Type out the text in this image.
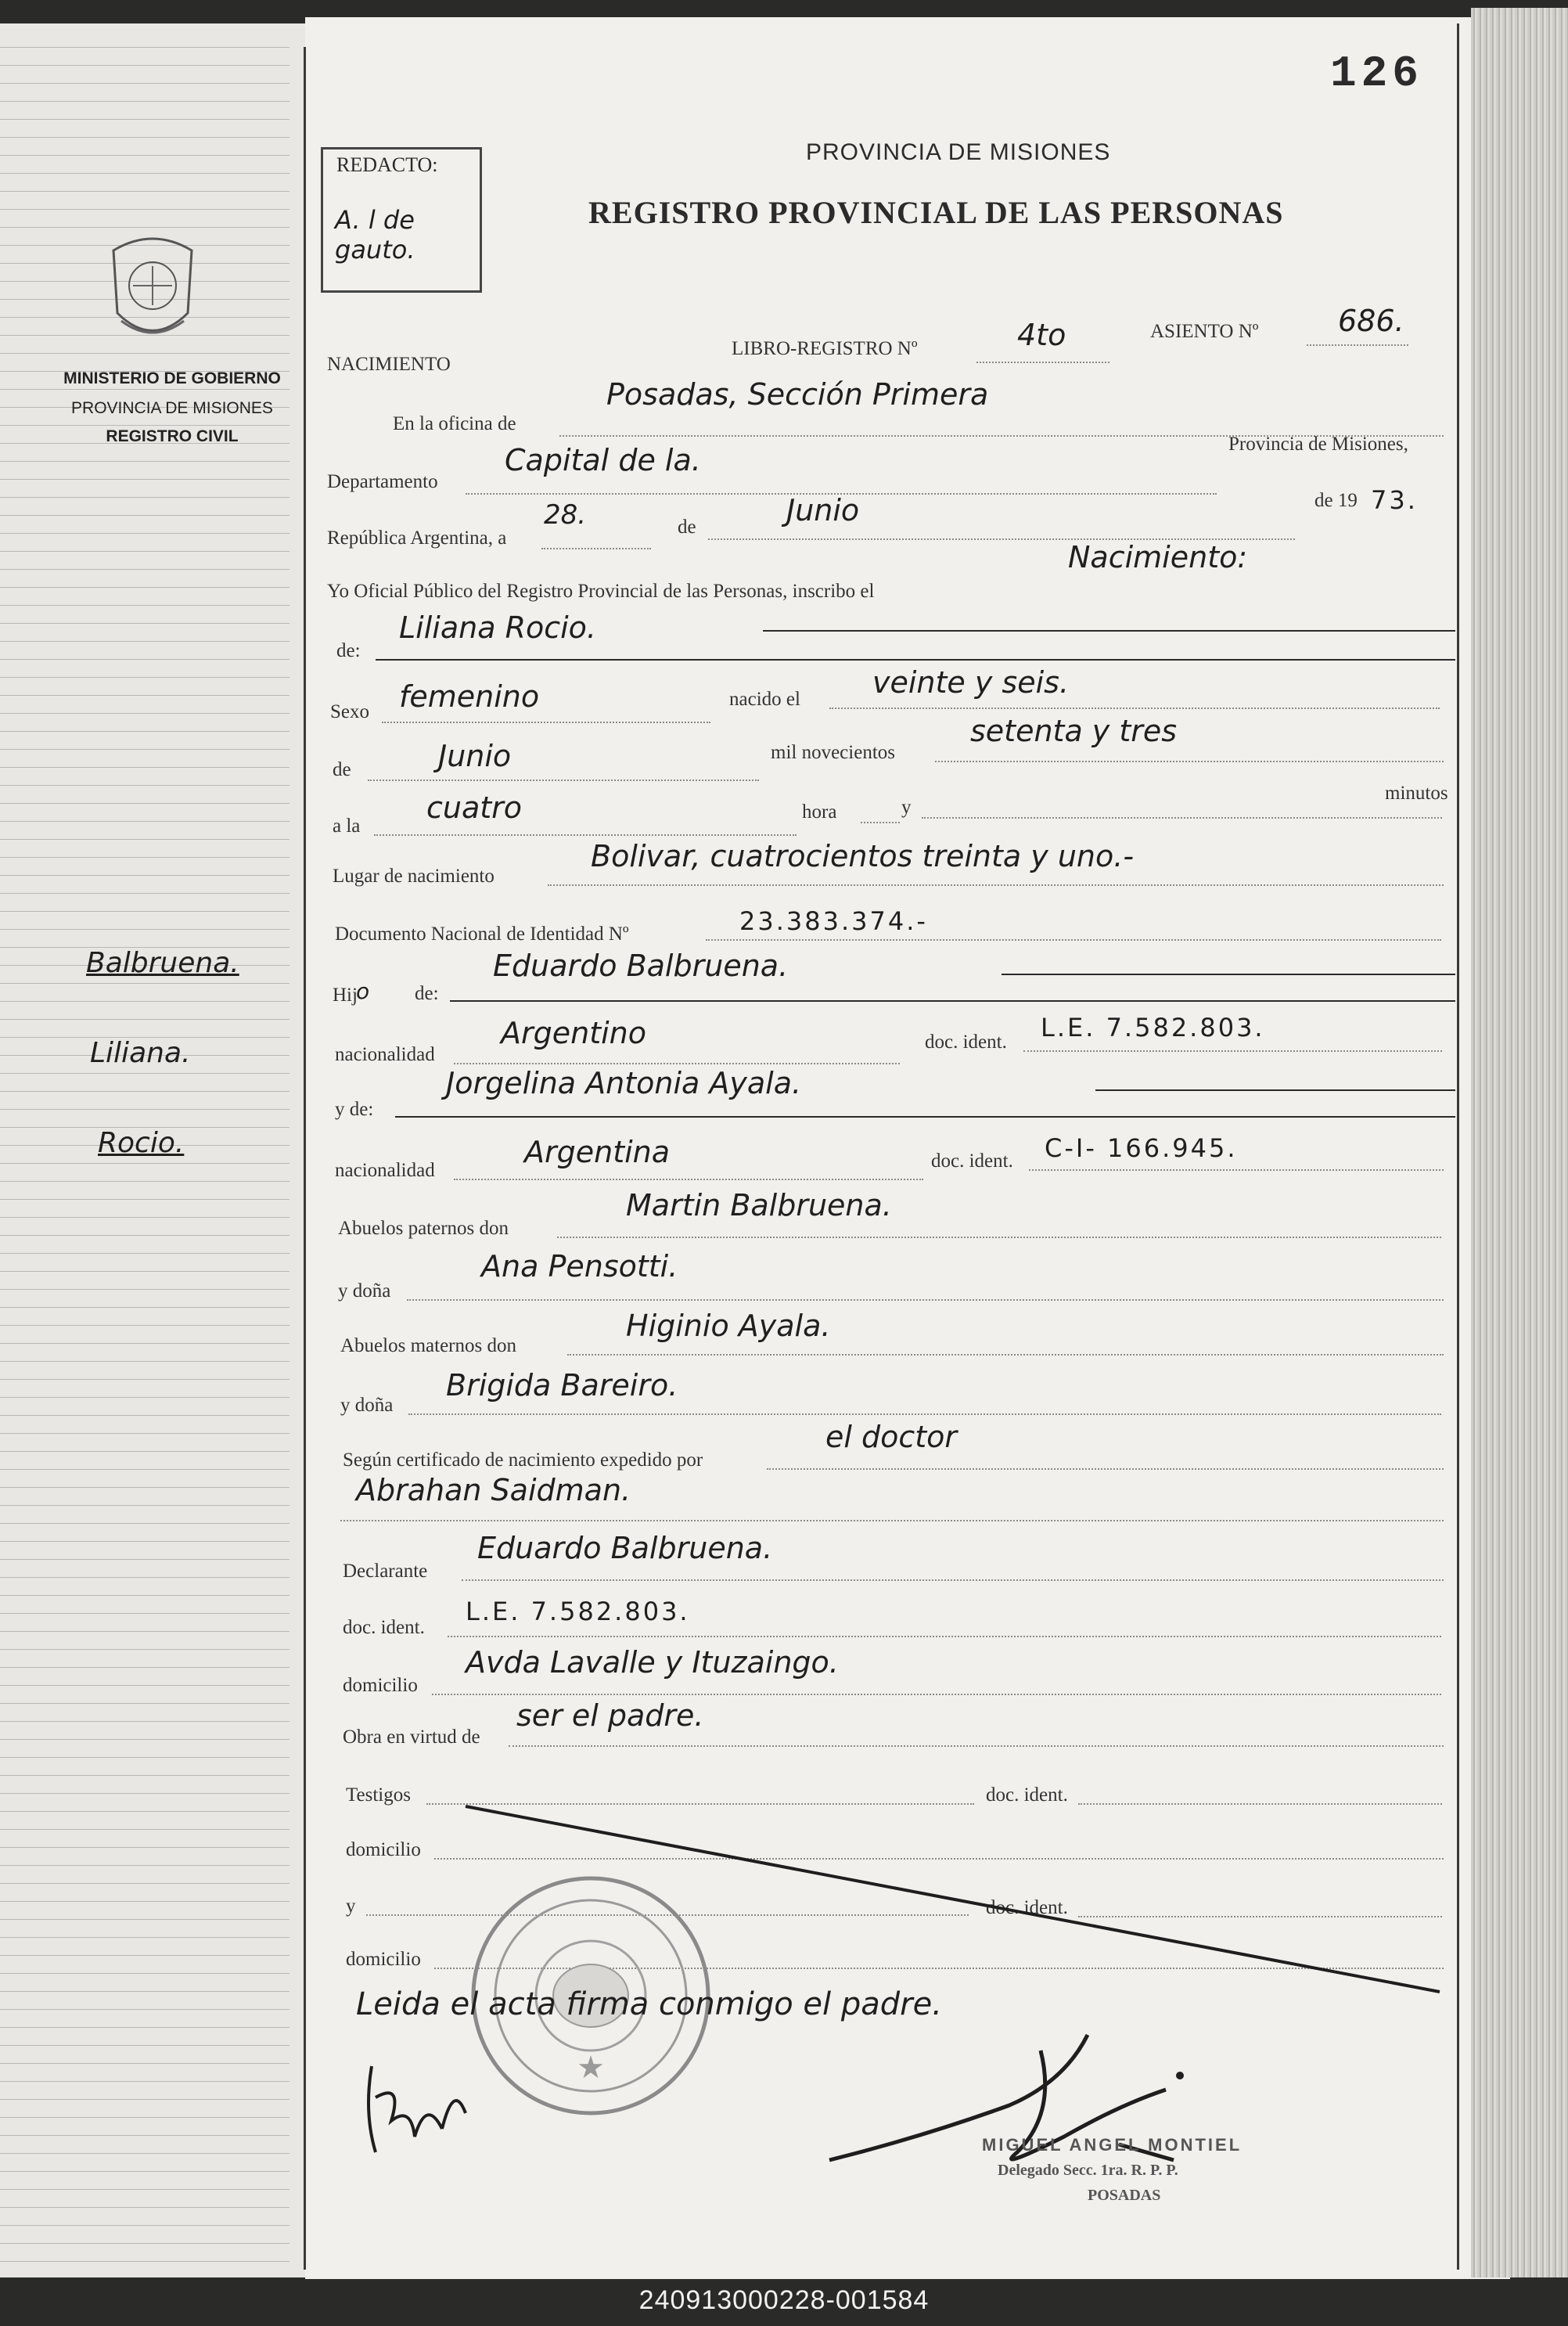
MINISTERIO DE GOBIERNO
PROVINCIA DE MISIONES
REGISTRO CIVIL
Balbruena.
Liliana.
Rocio.
126
REDACTO:
A. l de gauto.
PROVINCIA DE MISIONES
REGISTRO PROVINCIAL DE LAS PERSONAS
NACIMIENTO
LIBRO-REGISTRO Nº	4to	ASIENTO Nº	686.
En la oficina de
Posadas, Sección Primera
Departamento
Capital de la.	Provincia de Misiones,
República Argentina, a
28.	de	Junio	de 19 73.
Yo Oficial Público del Registro Provincial de las Personas, inscribo el
Nacimiento:
de:
Liliana Rocio.
Sexo femenino	nacido el veinte y seis.
de	Junio	mil novecientos
setenta y tres
a la
cuatro	hora	y
minutos
Lugar de nacimiento
Bolivar, cuatrocientos treinta y uno.-
Documento Nacional de Identidad Nº	23.383.374.-
Hij
o de:
Eduardo Balbruena.
nacionalidad
Argentino	doc. ident. L.E. 7.582.803.
y de:
Jorgelina Antonia Ayala.
nacionalidad
Argentina	doc. ident. C-I- 166.945.
Abuelos paternos don
Martin Balbruena.
y doña
Ana Pensotti.
Abuelos maternos don
Higinio Ayala.
y doña
Brigida Bareiro.
Según certificado de nacimiento expedido por
el doctor
Abrahan Saidman.
Declarante
Eduardo Balbruena.
doc. ident.
L.E. 7.582.803.
domicilio
Avda Lavalle y Ituzaingo.
Obra en virtud de
ser el padre.
Testigos	doc. ident.
domicilio
y	doc. ident.
domicilio
★
Leida el acta firma conmigo el padre.
MIGUEL ANGEL MONTIEL
Delegado Secc. 1ra. R. P. P.
POSADAS
240913000228-001584
